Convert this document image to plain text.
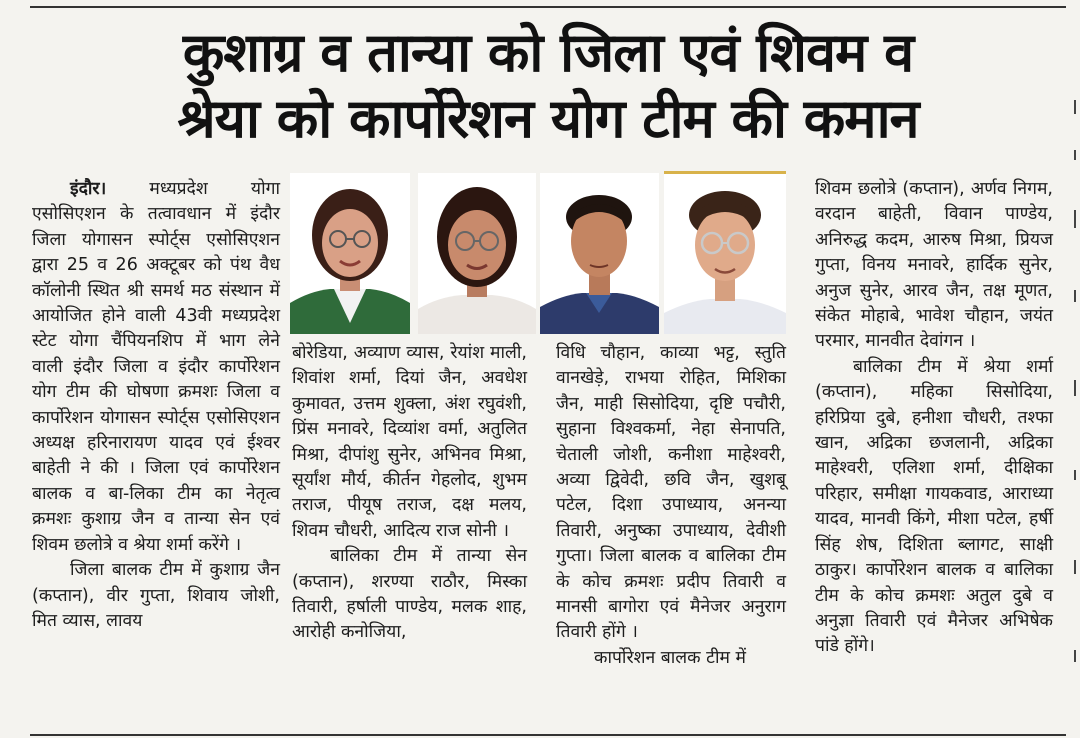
कुशाग्र व तान्या को जिला एवं शिवम व
श्रेया को कार्पोरेशन योग टीम की कमान

इंदौर। मध्यप्रदेश योगा एसोसिएशन के तत्वावधान में इंदौर जिला योगासन स्पोर्ट्स एसोसिएशन द्वारा 25 व 26 अक्टूबर को पंथ वैध कॉलोनी स्थित श्री समर्थ मठ संस्थान में आयोजित होने वाली 43वी मध्यप्रदेश स्टेट योगा चैंपियनशिप में भाग लेने वाली इंदौर जिला व इंदौर कार्पोरेशन योग टीम की घोषणा क्रमशः जिला व कार्पोरेशन योगासन स्पोर्ट्स एसोसिएशन अध्यक्ष हरिनारायण यादव एवं ईश्वर बाहेती ने की । जिला एवं कार्पोरेशन बालक व बा-लिका टीम का नेतृत्व क्रमशः कुशाग्र जैन व तान्या सेन एवं शिवम छलोत्रे व श्रेया शर्मा करेंगे ।

जिला बालक टीम में कुशाग्र जैन (कप्तान), वीर गुप्ता, शिवाय जोशी, मित व्यास, लावय

बोरेडिया, अव्याण व्यास, रेयांश माली, शिवांश शर्मा, दियां जैन, अवधेश कुमावत, उत्तम शुक्ला, अंश रघुवंशी, प्रिंस मनावरे, दिव्यांश वर्मा, अतुलित मिश्रा, दीपांशु सुनेर, अभिनव मिश्रा, सूर्यांश मौर्य, कीर्तन गेहलोद, शुभम तराज, पीयूष तराज, दक्ष मलय, शिवम चौधरी, आदित्य राज सोनी ।

बालिका टीम में तान्या सेन (कप्तान), शरण्या राठौर, मिस्का तिवारी, हर्षाली पाण्डेय, मलक शाह, आरोही कनोजिया,

विधि चौहान, काव्या भट्ट, स्तुति वानखेड़े, राभया रोहित, मिशिका जैन, माही सिसोदिया, दृष्टि पचौरी, सुहाना विश्वकर्मा, नेहा सेनापति, चेताली जोशी, कनीशा माहेश्वरी, अव्या द्विवेदी, छवि जैन, खुशबू पटेल, दिशा उपाध्याय, अनन्या तिवारी, अनुष्का उपाध्याय, देवीशी गुप्ता। जिला बालक व बालिका टीम के कोच क्रमशः प्रदीप तिवारी व मानसी बागोरा एवं मैनेजर अनुराग तिवारी होंगे ।

कार्पोरेशन बालक टीम में

शिवम छलोत्रे (कप्तान), अर्णव निगम, वरदान बाहेती, विवान पाण्डेय, अनिरुद्ध कदम, आरुष मिश्रा, प्रियज गुप्ता, विनय मनावरे, हार्दिक सुनेर, अनुज सुनेर, आरव जैन, तक्ष मूणत, संकेत मोहाबे, भावेश चौहान, जयंत परमार, मानवीत देवांगन ।

बालिका टीम में श्रेया शर्मा (कप्तान), महिका सिसोदिया, हरिप्रिया दुबे, हनीशा चौधरी, तश्फा खान, अद्रिका छजलानी, अद्रिका माहेश्वरी, एलिशा शर्मा, दीक्षिका परिहार, समीक्षा गायकवाड, आराध्या यादव, मानवी किंगे, मीशा पटेल, हर्षी सिंह शेष, दिशिता ब्लागट, साक्षी ठाकुर। कार्पोरेशन बालक व बालिका टीम के कोच क्रमशः अतुल दुबे व अनुज्ञा तिवारी एवं मैनेजर अभिषेक पांडे होंगे।
